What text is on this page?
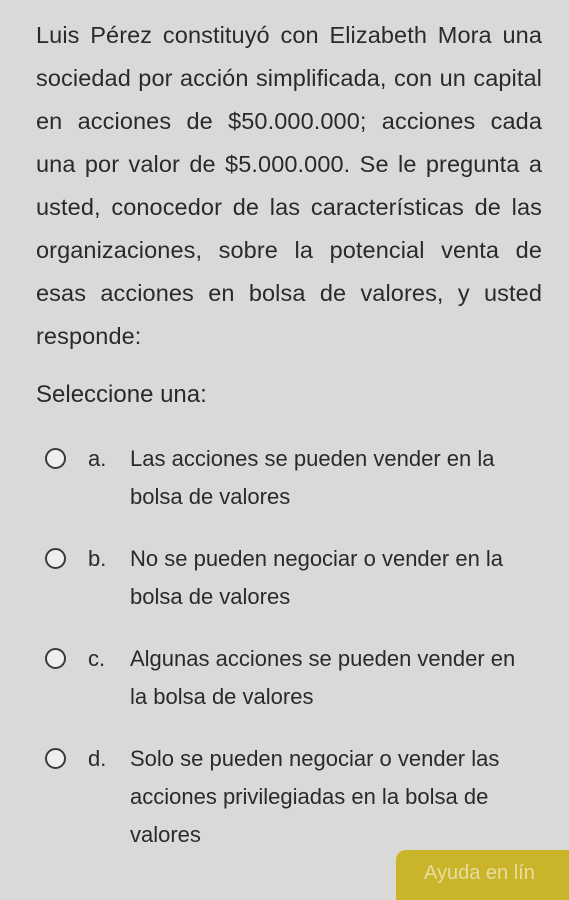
Luis Pérez constituyó con Elizabeth Mora una sociedad por acción simplificada, con un capital en acciones de $50.000.000; acciones cada una por valor de $5.000.000. Se le pregunta a usted, conocedor de las características de las organizaciones, sobre la potencial venta de esas acciones en bolsa de valores, y usted responde:
Seleccione una:
a. Las acciones se pueden vender en la bolsa de valores
b. No se pueden negociar o vender en la bolsa de valores
c. Algunas acciones se pueden vender en la bolsa de valores
d. Solo se pueden negociar o vender las acciones privilegiadas en la bolsa de valores
Ayuda en lín
